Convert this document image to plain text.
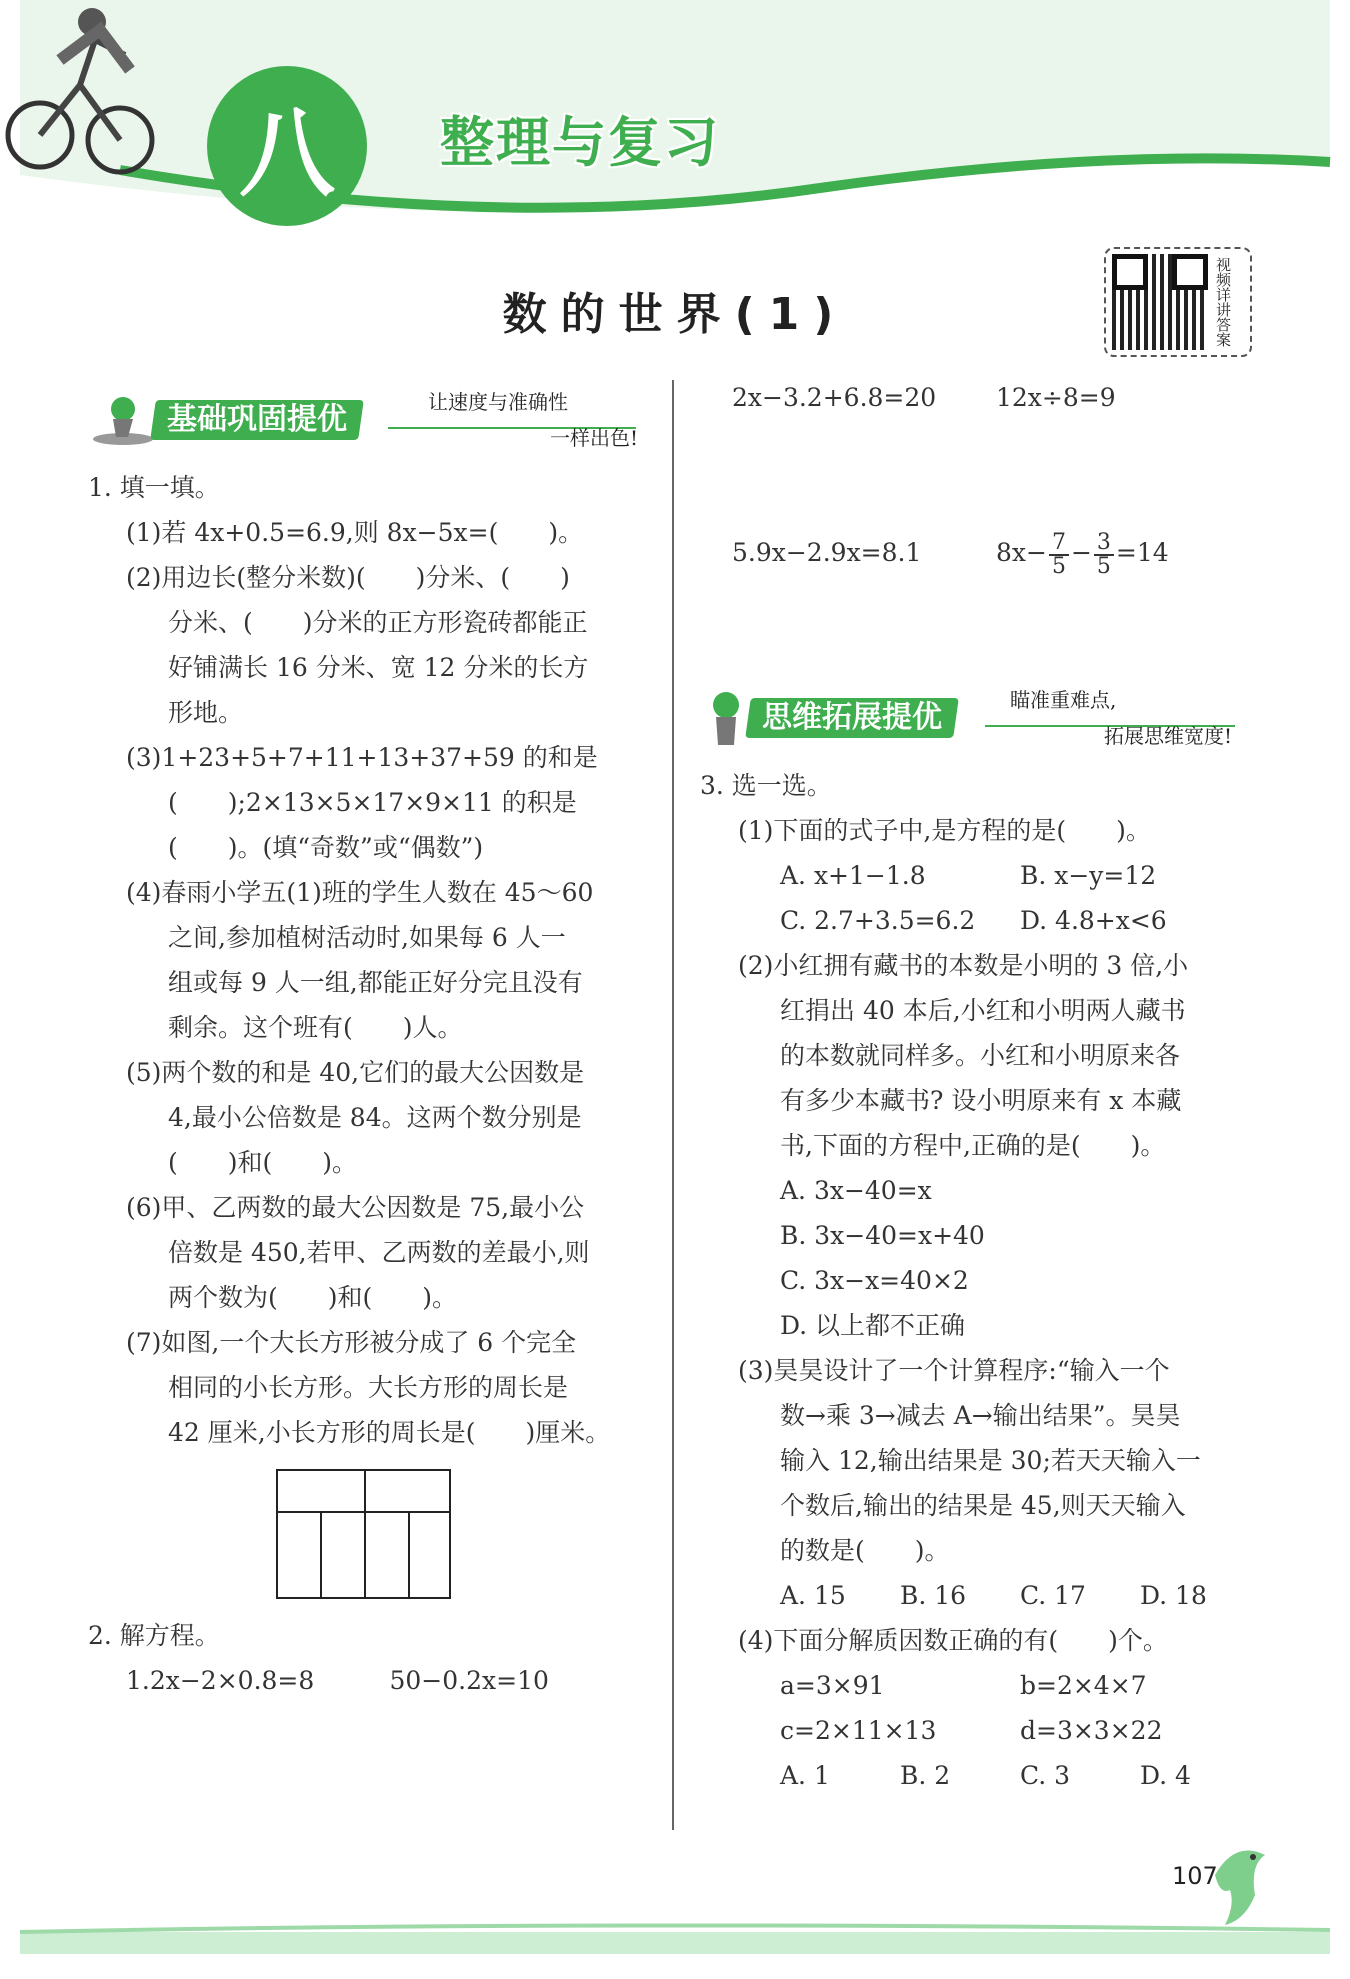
八	整理与复习
数的世界(1)	视频详讲答案
基础巩固提优	让速度与准确性
一样出色!
1. 填一填。
(1)若 4x+0.5=6.9,则 8x−5x=(　　)。
(2)用边长(整分米数)(　　)分米、(　　)
分米、(　　)分米的正方形瓷砖都能正
好铺满长 16 分米、宽 12 分米的长方
形地。
(3)1+23+5+7+11+13+37+59 的和是
(　　);2×13×5×17×9×11 的积是
(　　)。(填“奇数”或“偶数”)
(4)春雨小学五(1)班的学生人数在 45～60
之间,参加植树活动时,如果每 6 人一
组或每 9 人一组,都能正好分完且没有
剩余。这个班有(　　)人。
(5)两个数的和是 40,它们的最大公因数是
4,最小公倍数是 84。这两个数分别是
(　　)和(　　)。
(6)甲、乙两数的最大公因数是 75,最小公
倍数是 450,若甲、乙两数的差最小,则
两个数为(　　)和(　　)。
(7)如图,一个大长方形被分成了 6 个完全
相同的小长方形。大长方形的周长是
42 厘米,小长方形的周长是(　　)厘米。
2. 解方程。
1.2x−2×0.8=8	50−0.2x=10
2x−3.2+6.8=20	12x÷8=9
5.9x−2.9x=8.1	$8x- \frac{7}{5} - \frac{3}{5} =14$
思维拓展提优	瞄准重难点,
拓展思维宽度!
3. 选一选。
(1)下面的式子中,是方程的是(　　)。
A. x+1−1.8	B. x−y=12
C. 2.7+3.5=6.2	D. 4.8+x<6
(2)小红拥有藏书的本数是小明的 3 倍,小
红捐出 40 本后,小红和小明两人藏书
的本数就同样多。小红和小明原来各
有多少本藏书? 设小明原来有 x 本藏
书,下面的方程中,正确的是(　　)。
A. 3x−40=x
B. 3x−40=x+40
C. 3x−x=40×2
D. 以上都不正确
(3)昊昊设计了一个计算程序:“输入一个
数→乘 3→减去 A→输出结果”。昊昊
输入 12,输出结果是 30;若天天输入一
个数后,输出的结果是 45,则天天输入
的数是(　　)。
A. 15	B. 16	C. 17	D. 18
(4)下面分解质因数正确的有(　　)个。
a=3×91	b=2×4×7
c=2×11×13	d=3×3×22
A. 1	B. 2	C. 3	D. 4
107
